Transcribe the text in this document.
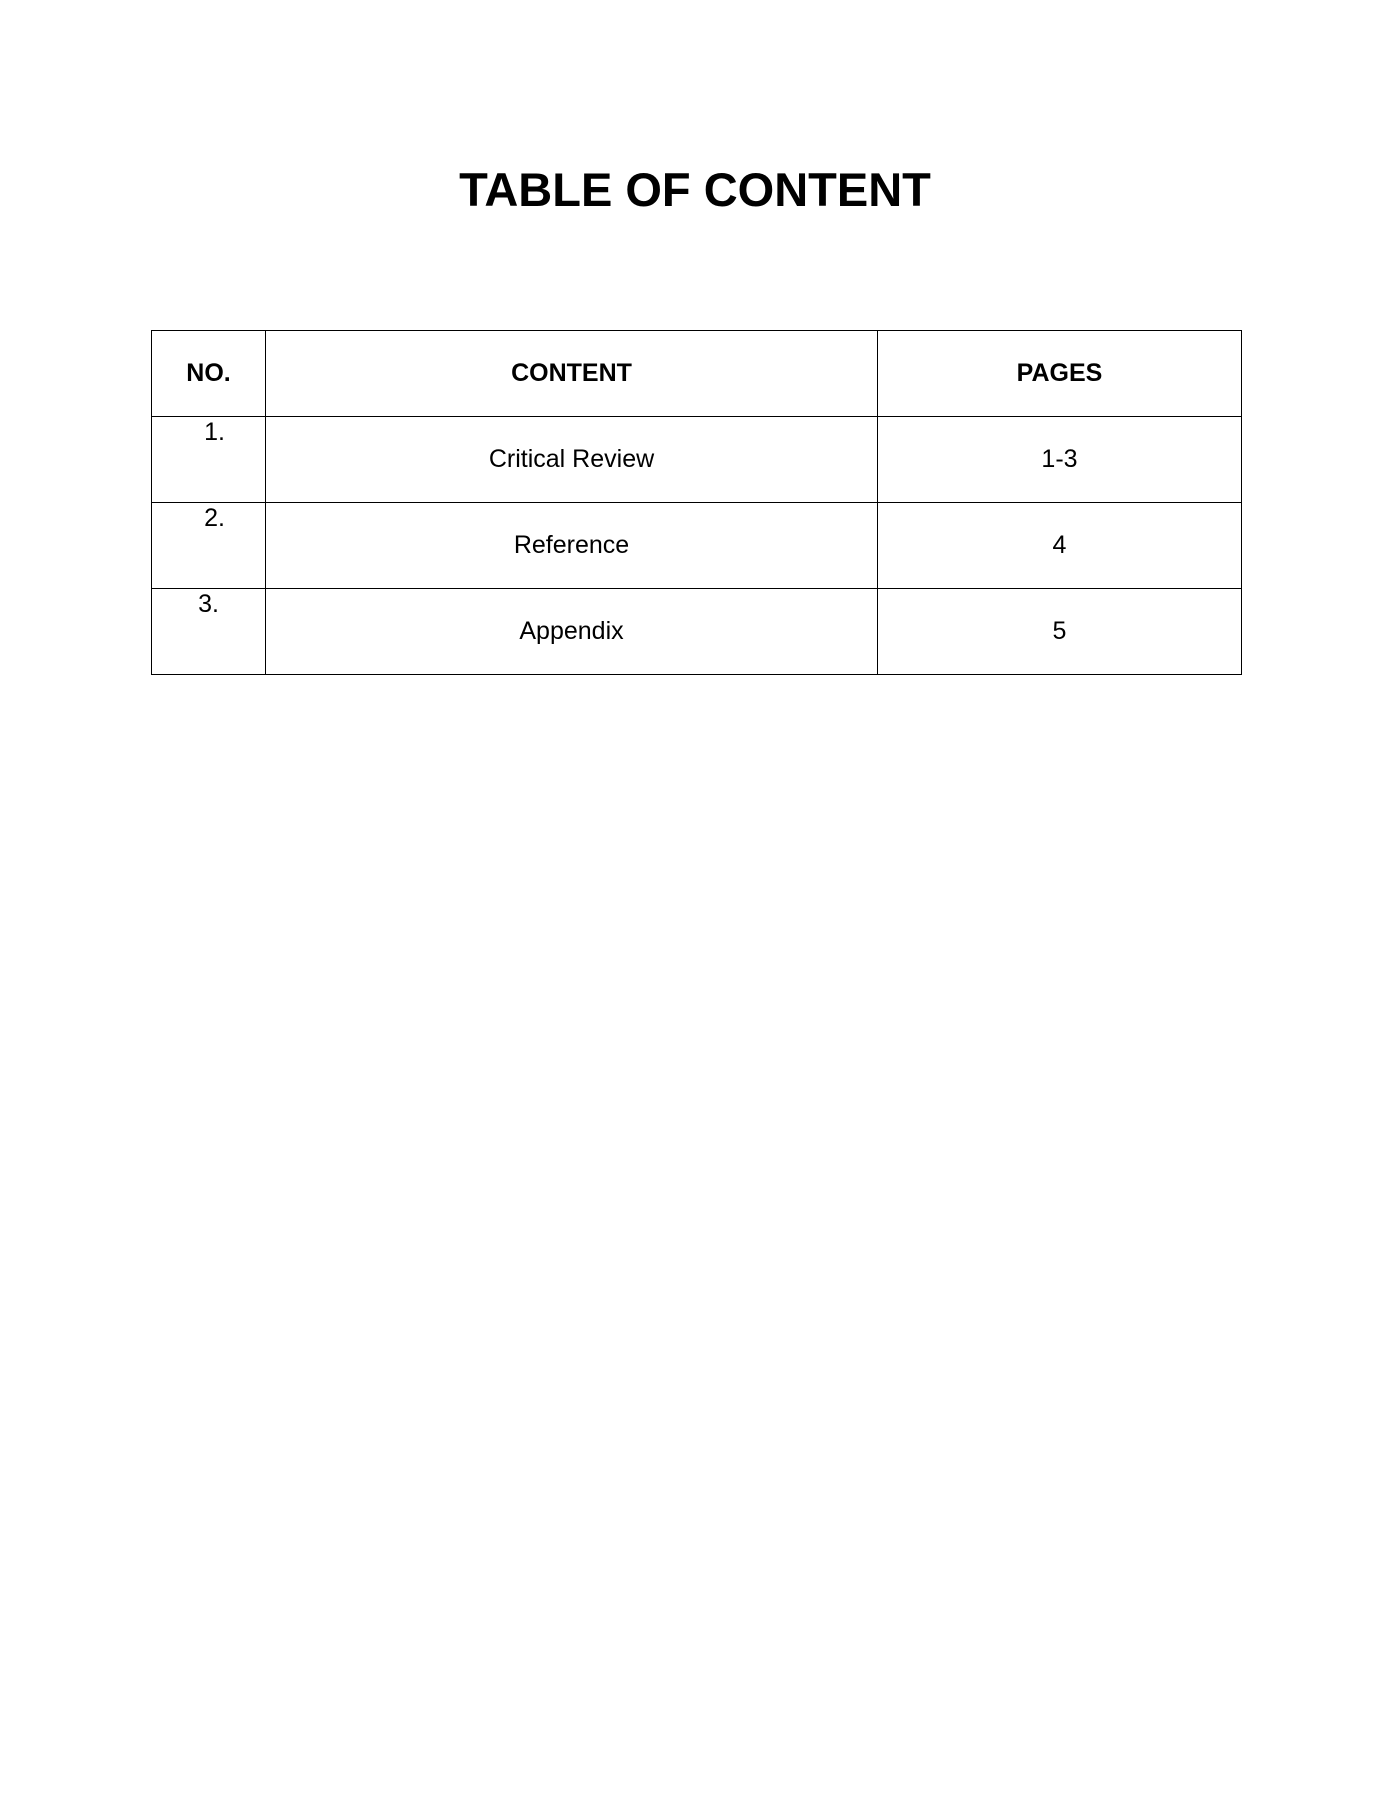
TABLE OF CONTENT
NO.	CONTENT	PAGES

1.	Critical Review	1-3

2.	Reference	4

3.	Appendix	5
